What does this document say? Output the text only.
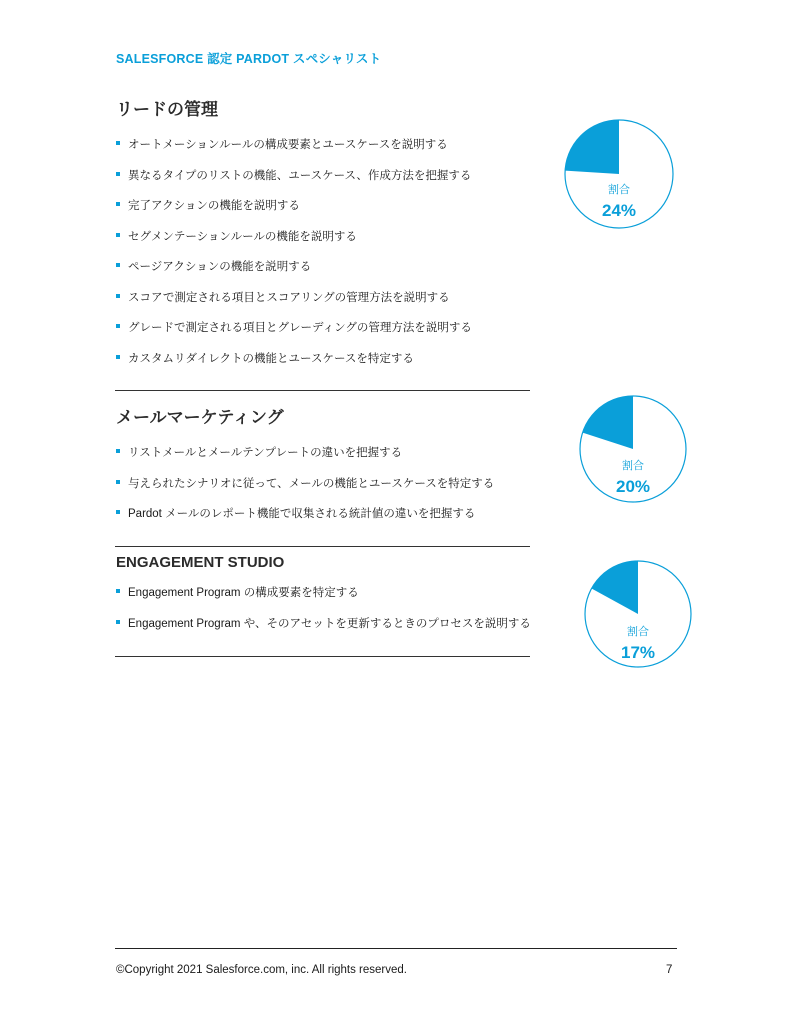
SALESFORCE 認定 PARDOT スペシャリスト
リードの管理
オートメーションルールの構成要素とユースケースを説明する
異なるタイプのリストの機能、ユースケース、作成方法を把握する
完了アクションの機能を説明する
セグメンテーションルールの機能を説明する
ページアクションの機能を説明する
スコアで測定される項目とスコアリングの管理方法を説明する
グレードで測定される項目とグレーディングの管理方法を説明する
カスタムリダイレクトの機能とユースケースを特定する
割合
24%
メールマーケティング
リストメールとメールテンプレートの違いを把握する
与えられたシナリオに従って、メールの機能とユースケースを特定する
Pardot メールのレポート機能で収集される統計値の違いを把握する
割合
20%
ENGAGEMENT STUDIO
Engagement Program の構成要素を特定する
Engagement Program や、そのアセットを更新するときのプロセスを説明する
割合
17%
©Copyright 2021 Salesforce.com, inc. All rights reserved.	7
